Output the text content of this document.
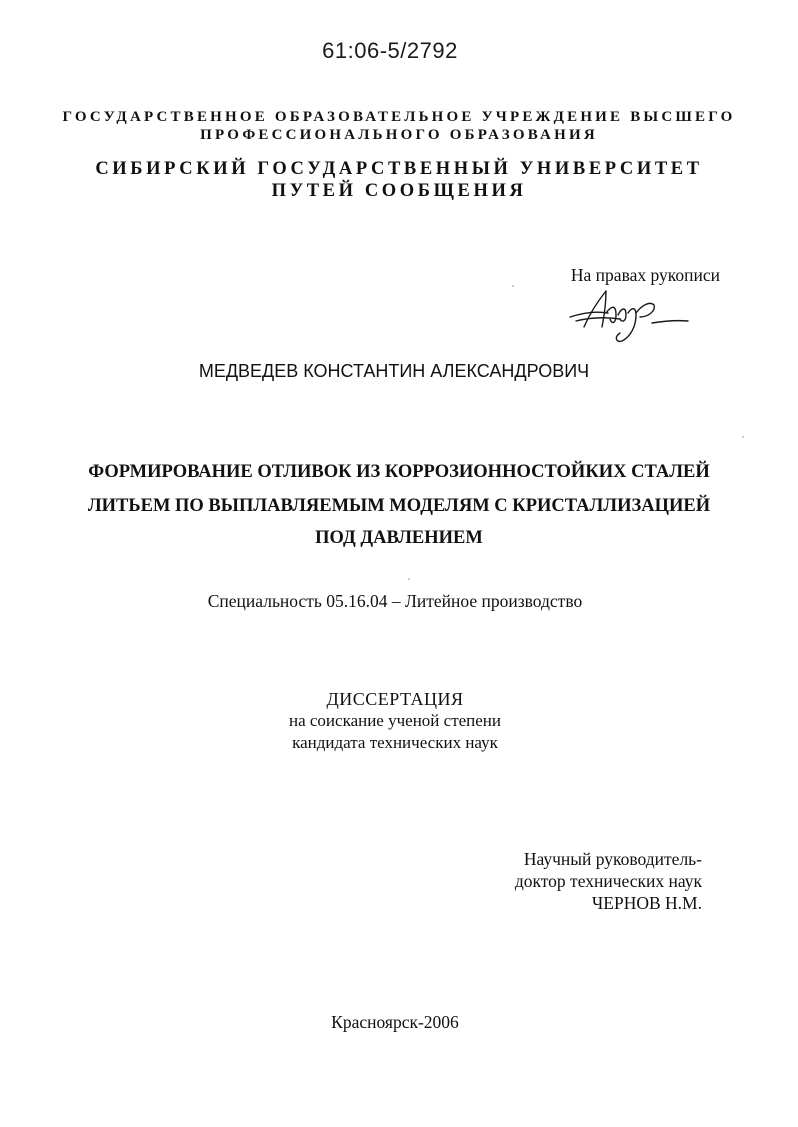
61:06-5/2792
ГОСУДАРСТВЕННОЕ ОБРАЗОВАТЕЛЬНОЕ УЧРЕЖДЕНИЕ ВЫСШЕГО
ПРОФЕССИОНАЛЬНОГО ОБРАЗОВАНИЯ
СИБИРСКИЙ ГОСУДАРСТВЕННЫЙ УНИВЕРСИТЕТ
ПУТЕЙ СООБЩЕНИЯ
На правах рукописи
МЕДВЕДЕВ КОНСТАНТИН АЛЕКСАНДРОВИЧ
ФОРМИРОВАНИЕ ОТЛИВОК ИЗ КОРРОЗИОННОСТОЙКИХ СТАЛЕЙ
ЛИТЬЕМ ПО ВЫПЛАВЛЯЕМЫМ МОДЕЛЯМ С КРИСТАЛЛИЗАЦИЕЙ
ПОД ДАВЛЕНИЕМ
Специальность 05.16.04 – Литейное производство
ДИССЕРТАЦИЯ
на соискание ученой степени
кандидата технических наук
Научный руководитель-
доктор технических наук
ЧЕРНОВ Н.М.
Красноярск-2006
